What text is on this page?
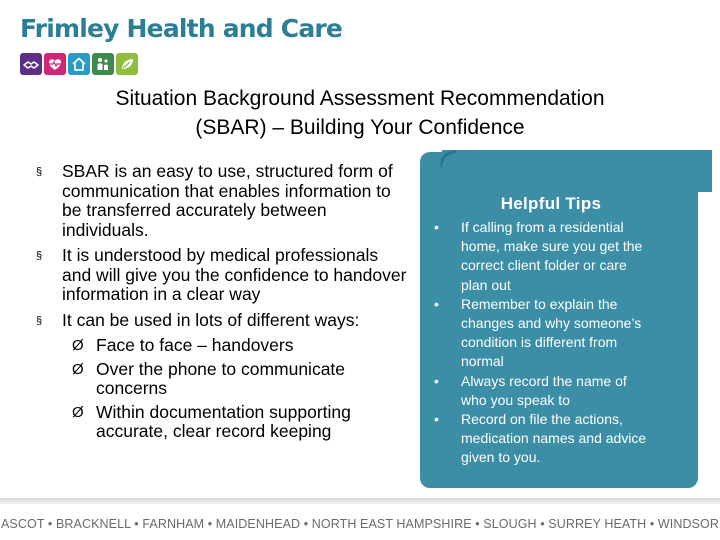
Frimley Health and Care
Situation Background Assessment Recommendation
(SBAR) – Building Your Confidence
§ SBAR is an easy to use, structured form of communication that enables information to be transferred accurately between individuals.
§ It is understood by medical professionals and will give you the confidence to handover information in a clear way
§ It can be used in lots of different ways:
Ø Face to face – handovers
Ø Over the phone to communicate concerns
Ø Within documentation supporting accurate, clear record keeping
Helpful Tips
• If calling from a residential home, make sure you get the correct client folder or care plan out
• Remember to explain the changes and why someone’s condition is different from normal
• Always record the name of who you speak to
• Record on file the actions, medication names and advice given to you.
ASCOT • BRACKNELL • FARNHAM • MAIDENHEAD • NORTH EAST HAMPSHIRE • SLOUGH • SURREY HEATH • WINDSOR
